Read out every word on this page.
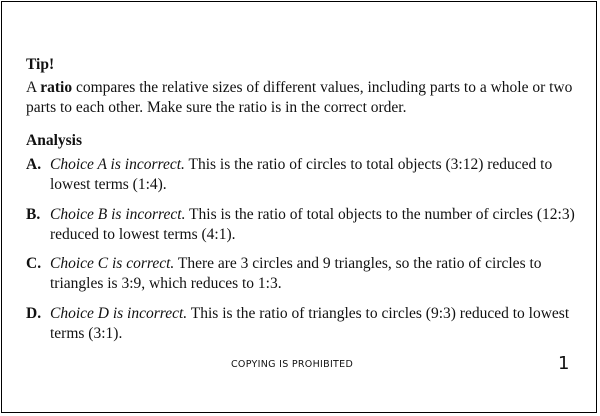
Tip!
A ratio compares the relative sizes of different values, including parts to a whole or two parts to each other. Make sure the ratio is in the correct order.
Analysis
A. Choice A is incorrect. This is the ratio of circles to total objects (3:12) reduced to lowest terms (1:4).
B. Choice B is incorrect. This is the ratio of total objects to the number of circles (12:3) reduced to lowest terms (4:1).
C. Choice C is correct. There are 3 circles and 9 triangles, so the ratio of circles to triangles is 3:9, which reduces to 1:3.
D. Choice D is incorrect. This is the ratio of triangles to circles (9:3) reduced to lowest terms (3:1).
COPYING IS PROHIBITED	1
